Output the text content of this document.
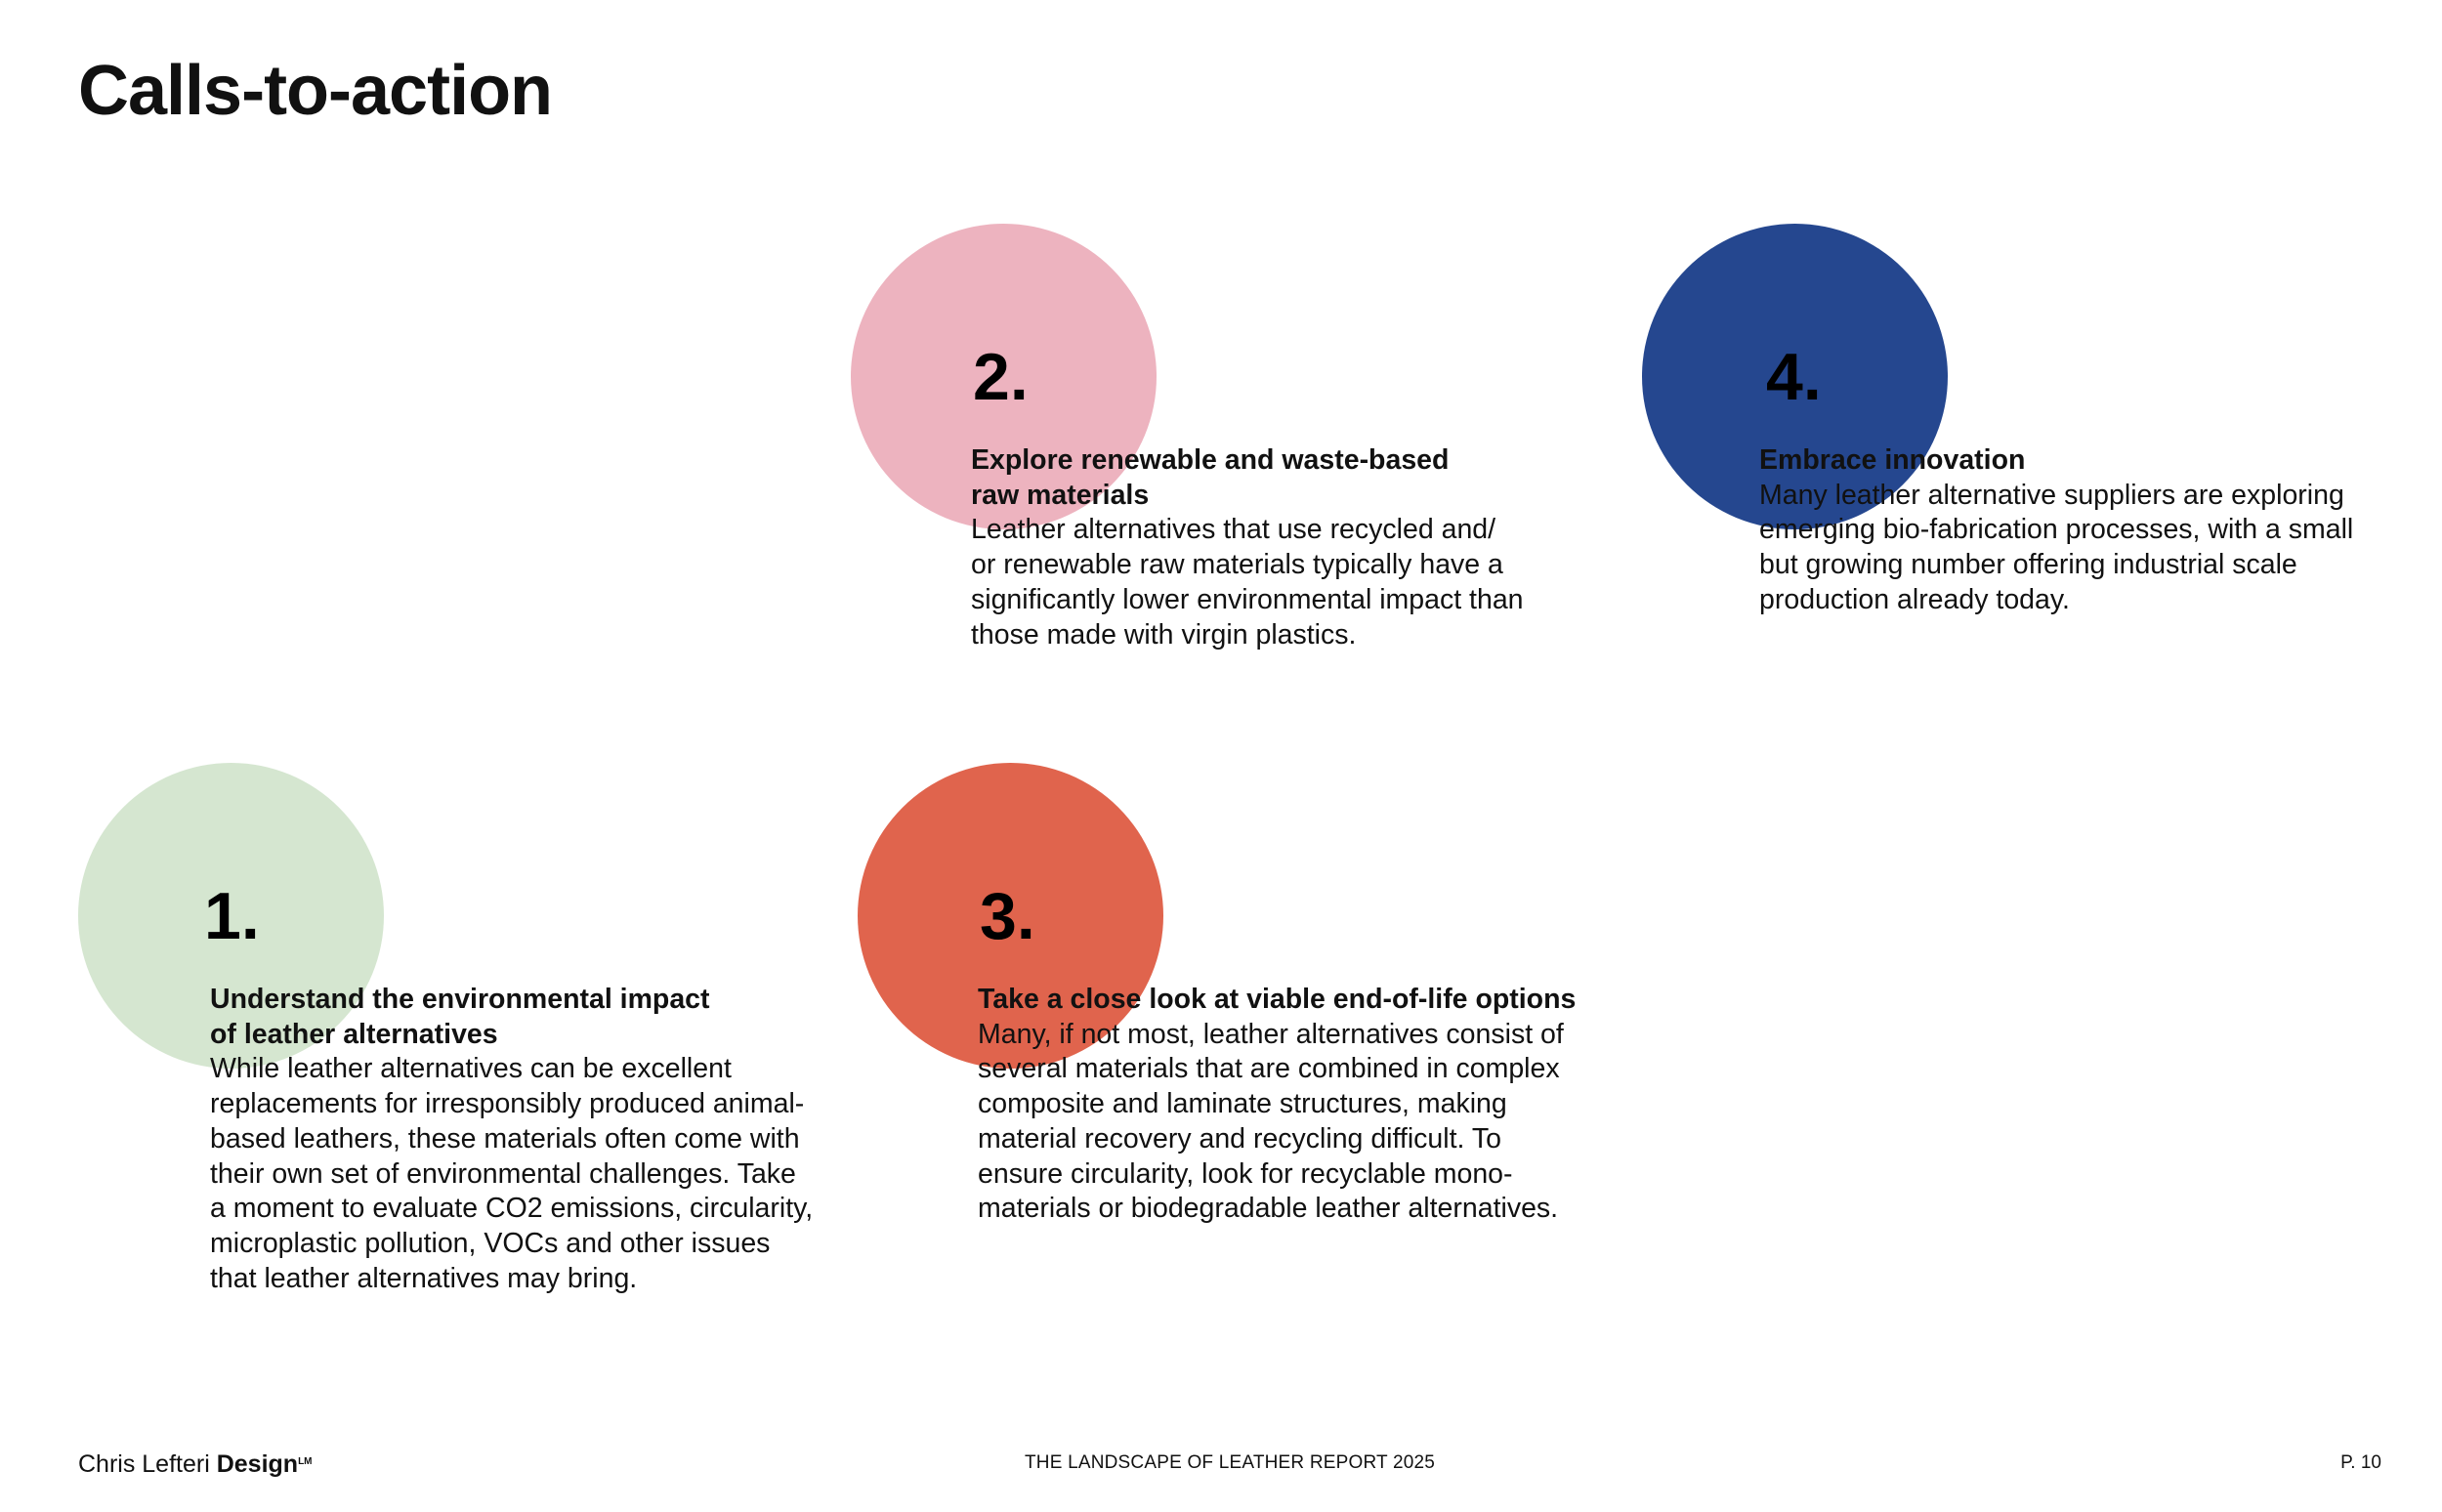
Calls-to-action
1.
Understand the environmental impact
of leather alternatives
While leather alternatives can be excellent
replacements for irresponsibly produced animal-
based leathers, these materials often come with
their own set of environmental challenges. Take
a moment to evaluate CO2 emissions, circularity,
microplastic pollution, VOCs and other issues
that leather alternatives may bring.
2.
Explore renewable and waste-based
raw materials
Leather alternatives that use recycled and/
or renewable raw materials typically have a
significantly lower environmental impact than
those made with virgin plastics.
3.
Take a close look at viable end-of-life options
Many, if not most, leather alternatives consist of
several materials that are combined in complex
composite and laminate structures, making
material recovery and recycling difficult. To
ensure circularity, look for recyclable mono-
materials or biodegradable leather alternatives.
4.
Embrace innovation
Many leather alternative suppliers are exploring
emerging bio-fabrication processes, with a small
but growing number offering industrial scale
production already today.
Chris Lefteri Design$^{LM}$	THE LANDSCAPE OF LEATHER REPORT 2025	P. 10
